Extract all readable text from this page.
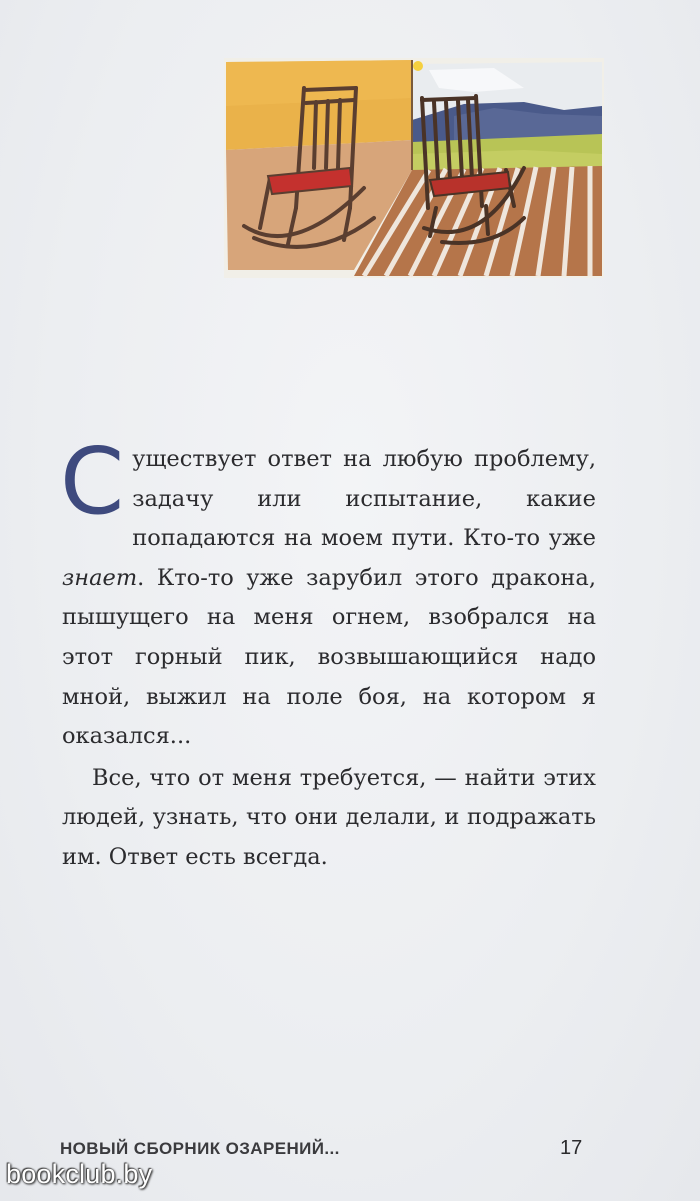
Существует ответ на любую проблему, задачу или испытание, какие попадаются на моем пути. Кто-то уже знает. Кто-то уже зарубил этого дракона, пышущего на меня огнем, взобрался на этот горный пик, возвышающийся надо мной, выжил на поле боя, на котором я оказался...

Все, что от меня требуется, — найти этих людей, узнать, что они делали, и подражать им. Ответ есть всегда.

НОВЫЙ СБОРНИК ОЗАРЕНИЙ...	17
bookclub.by
